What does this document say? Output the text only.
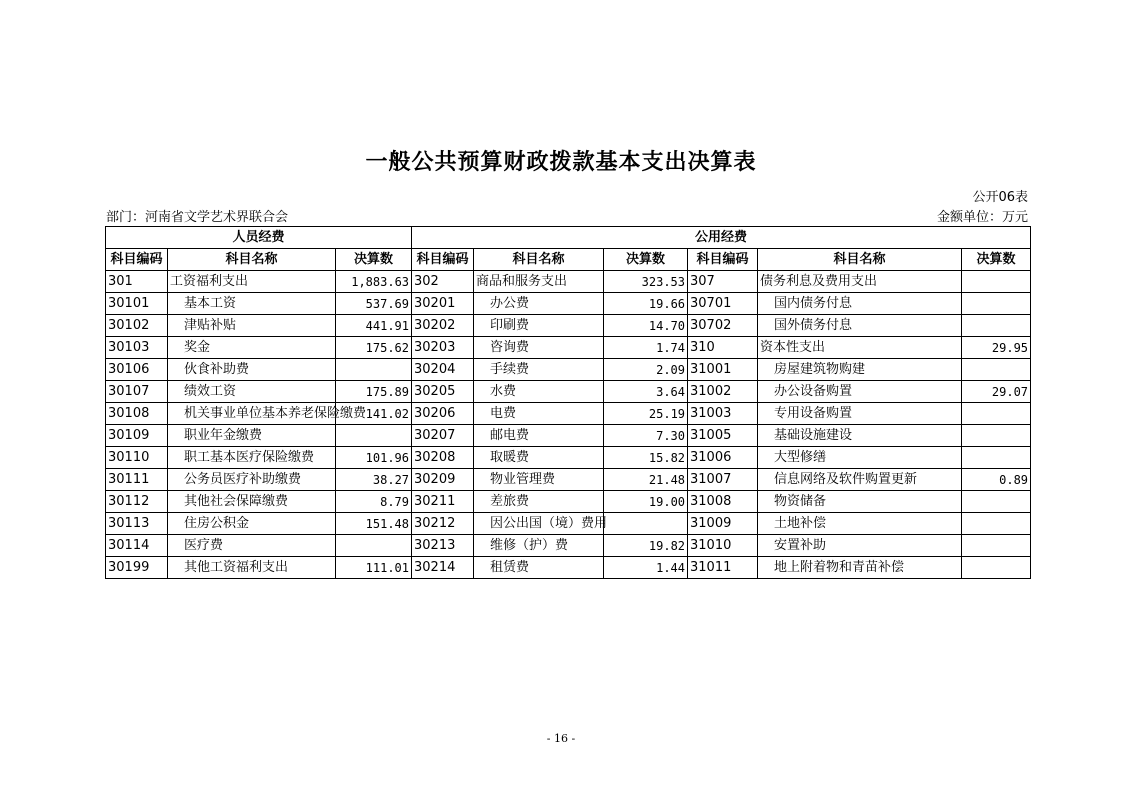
一般公共预算财政拨款基本支出决算表
公开06表
部门：河南省文学艺术界联合会	金额单位：万元
人员经费			公用经费					
科目编码	科目名称	决算数	科目编码	科目名称	决算数	科目编码	科目名称	决算数
301	工资福利支出	1,883.63	302	商品和服务支出	323.53	307	债务利息及费用支出	
30101	基本工资	537.69	30201	办公费	19.66	30701	国内债务付息	
30102	津贴补贴	441.91	30202	印刷费	14.70	30702	国外债务付息	
30103	奖金	175.62	30203	咨询费	1.74	310	资本性支出	29.95
30106	伙食补助费		30204	手续费	2.09	31001	房屋建筑物购建	
30107	绩效工资	175.89	30205	水费	3.64	31002	办公设备购置	29.07
30108	机关事业单位基本养老保险缴费	141.02	30206	电费	25.19	31003	专用设备购置	
30109	职业年金缴费		30207	邮电费	7.30	31005	基础设施建设	
30110	职工基本医疗保险缴费	101.96	30208	取暖费	15.82	31006	大型修缮	
30111	公务员医疗补助缴费	38.27	30209	物业管理费	21.48	31007	信息网络及软件购置更新	0.89
30112	其他社会保障缴费	8.79	30211	差旅费	19.00	31008	物资储备	
30113	住房公积金	151.48	30212	因公出国（境）费用		31009	土地补偿	
30114	医疗费		30213	维修（护）费	19.82	31010	安置补助	
30199	其他工资福利支出	111.01	30214	租赁费	1.44	31011	地上附着物和青苗补偿	
- 16 -
